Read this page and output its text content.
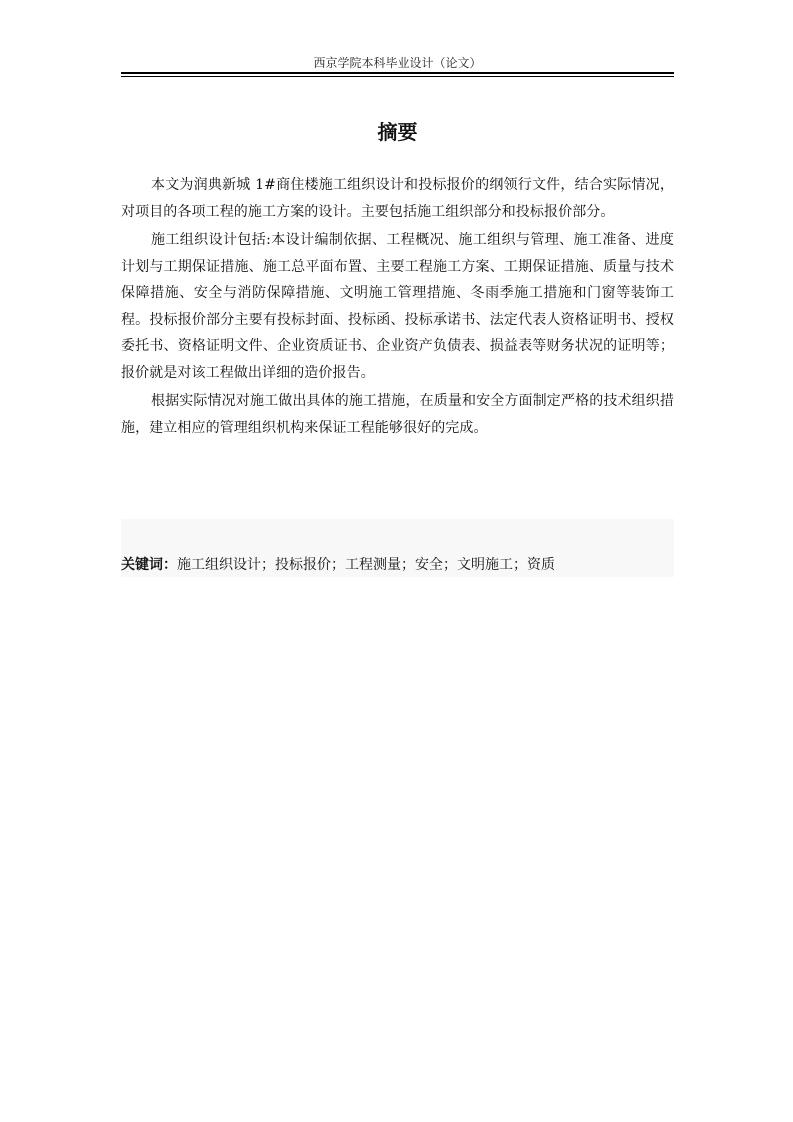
西京学院本科毕业设计（论文）
摘要

本文为润典新城 1#商住楼施工组织设计和投标报价的纲领行文件，结合实际情况，对项目的各项工程的施工方案的设计。主要包括施工组织部分和投标报价部分。

施工组织设计包括:本设计编制依据、工程概况、施工组织与管理、施工准备、进度计划与工期保证措施、施工总平面布置、主要工程施工方案、工期保证措施、质量与技术保障措施、安全与消防保障措施、文明施工管理措施、冬雨季施工措施和门窗等装饰工程。投标报价部分主要有投标封面、投标函、投标承诺书、法定代表人资格证明书、授权委托书、资格证明文件、企业资质证书、企业资产负债表、损益表等财务状况的证明等；报价就是对该工程做出详细的造价报告。

根据实际情况对施工做出具体的施工措施，在质量和安全方面制定严格的技术组织措施，建立相应的管理组织机构来保证工程能够很好的完成。

关键词：施工组织设计；投标报价；工程测量；安全；文明施工；资质
